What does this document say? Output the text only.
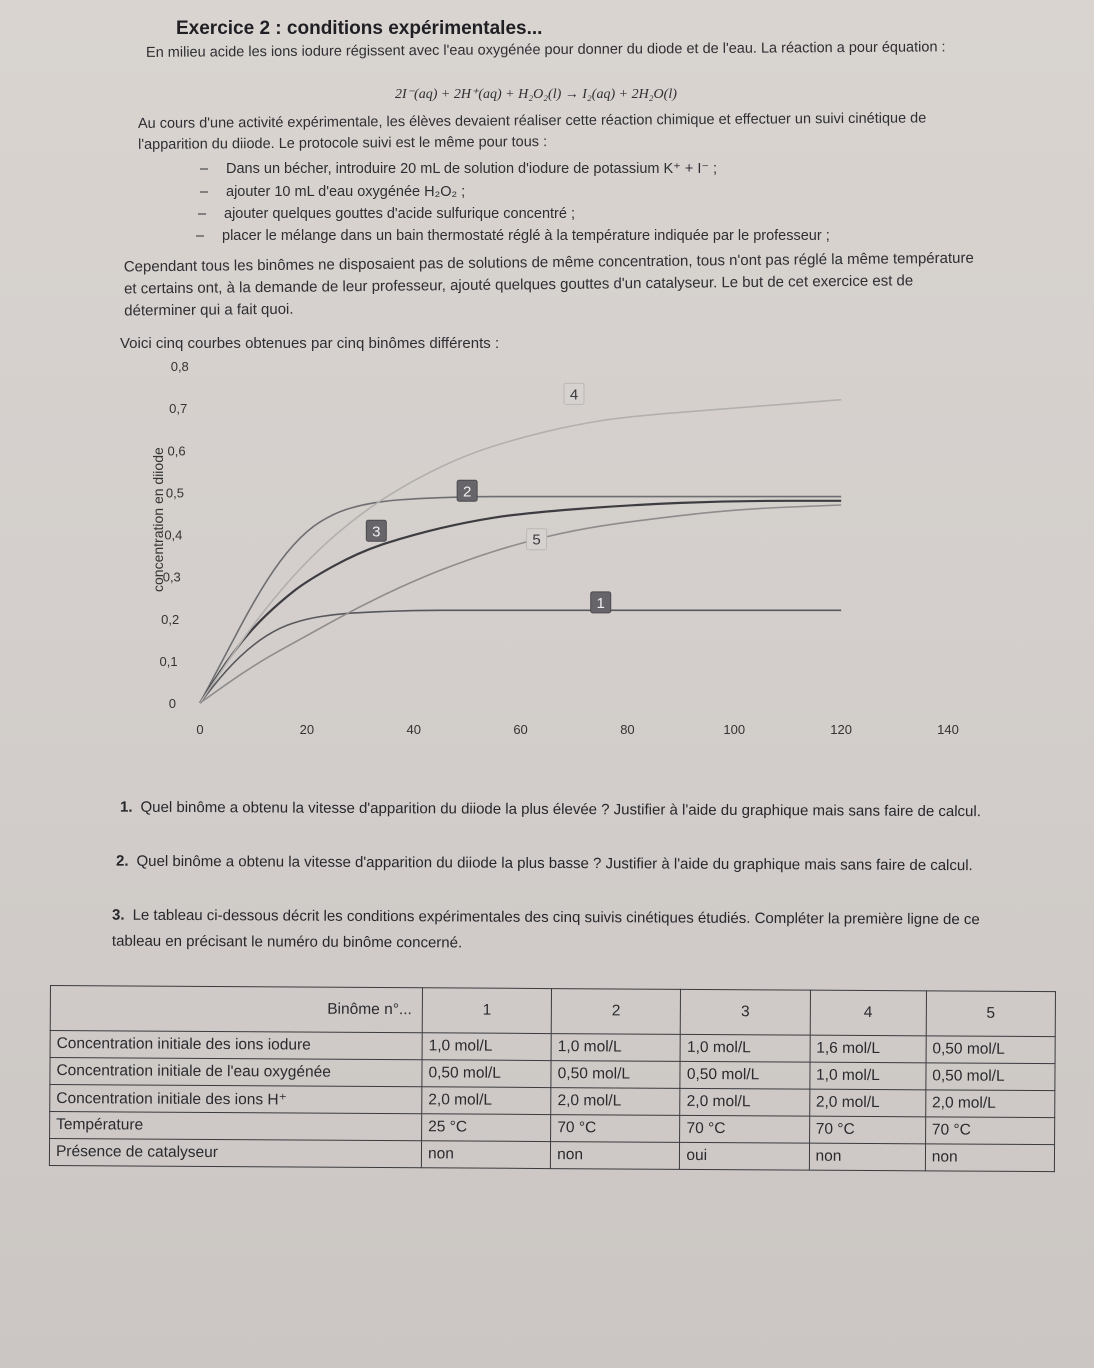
Exercice 2 : conditions expérimentales...
En milieu acide les ions iodure régissent avec l'eau oxygénée pour donner du diode et de l'eau. La réaction a pour équation :
2I⁻(aq) + 2H⁺(aq) + H₂O₂(l) → I₂(aq) + 2H₂O(l)
Au cours d'une activité expérimentale, les élèves devaient réaliser cette réaction chimique et effectuer un suivi cinétique de l'apparition du diiode. Le protocole suivi est le même pour tous :
– Dans un bécher, introduire 20 mL de solution d'iodure de potassium K⁺ + I⁻ ;
– ajouter 10 mL d'eau oxygénée H₂O₂ ;
– ajouter quelques gouttes d'acide sulfurique concentré ;
– placer le mélange dans un bain thermostaté réglé à la température indiquée par le professeur ;
Cependant tous les binômes ne disposaient pas de solutions de même concentration, tous n'ont pas réglé la même température et certains ont, à la demande de leur professeur, ajouté quelques gouttes d'un catalyseur. Le but de cet exercice est de déterminer qui a fait quoi.
Voici cinq courbes obtenues par cinq binômes différents :
0	20	40	60	80	100	120	140
0
0,1
0,2
0,3
0,4
0,5
0,6
0,7
0,8
1
2
3
4
5
concentration en diiode
1. Quel binôme a obtenu la vitesse d'apparition du diiode la plus élevée ? Justifier à l'aide du graphique mais sans faire de calcul.
2. Quel binôme a obtenu la vitesse d'apparition du diiode la plus basse ? Justifier à l'aide du graphique mais sans faire de calcul.
3. Le tableau ci-dessous décrit les conditions expérimentales des cinq suivis cinétiques étudiés. Compléter la première ligne de ce tableau en précisant le numéro du binôme concerné.
Binôme n°...	1	2	3	4	5
Concentration initiale des ions iodure	1,0 mol/L	1,0 mol/L	1,0 mol/L	1,6 mol/L	0,50 mol/L
Concentration initiale de l'eau oxygénée	0,50 mol/L	0,50 mol/L	0,50 mol/L	1,0 mol/L	0,50 mol/L
Concentration initiale des ions H⁺	2,0 mol/L	2,0 mol/L	2,0 mol/L	2,0 mol/L	2,0 mol/L
Température	25 °C	70 °C	70 °C	70 °C	70 °C
Présence de catalyseur	non	non	oui	non	non
